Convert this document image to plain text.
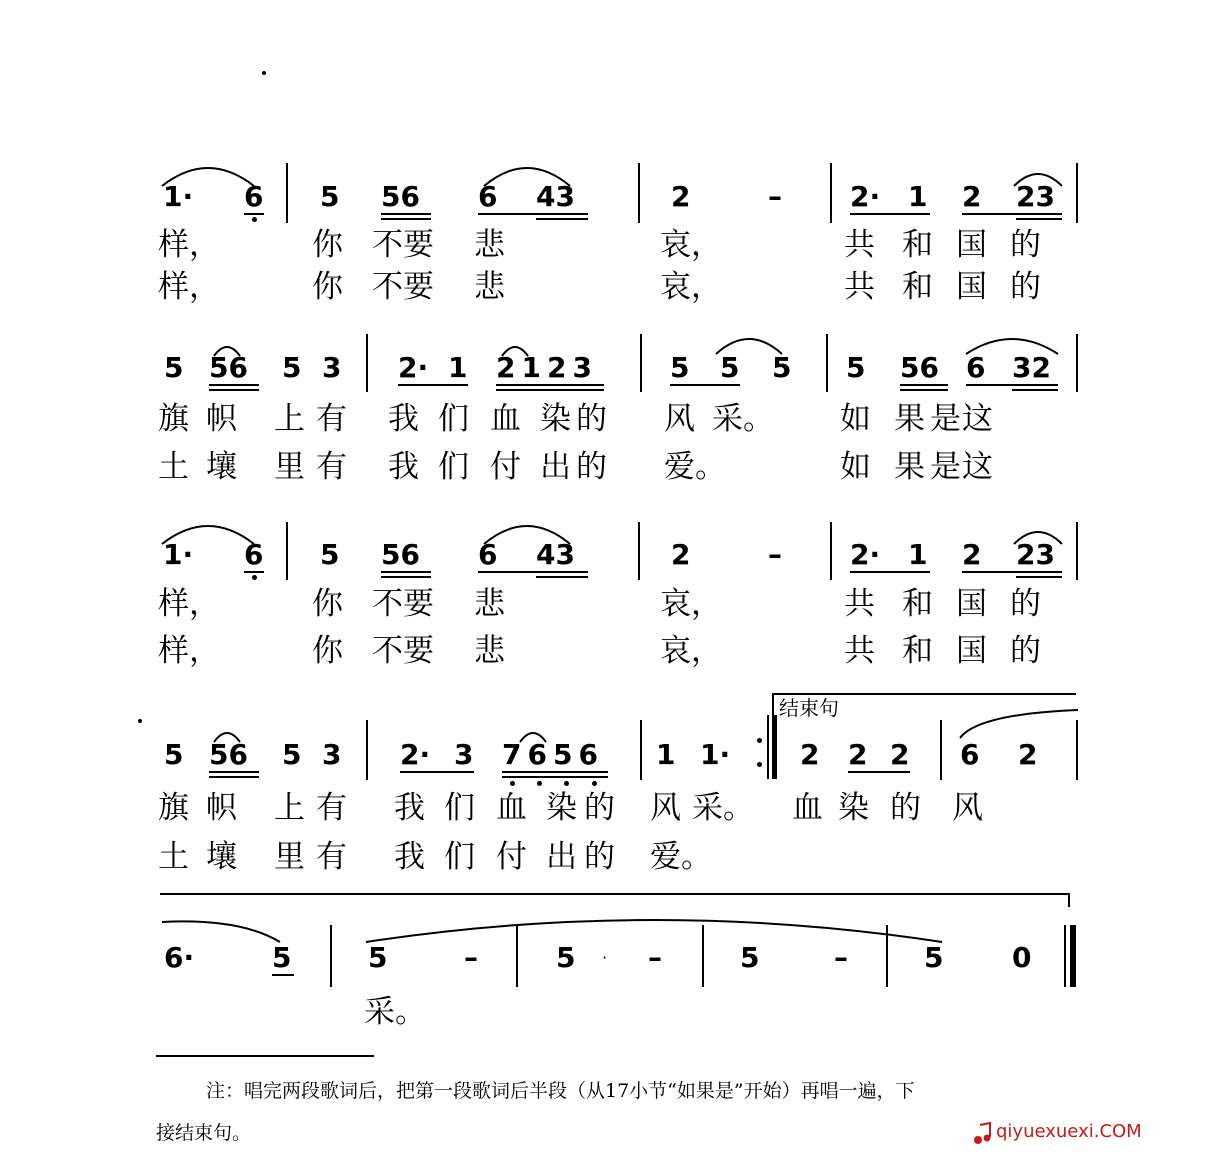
1· 6 5 56 6 43	2	– 2· 1 2 23
样，	你 不要 悲	哀，	共 和 国 的
样，	你 不要 悲	哀，	共 和 国 的
5 56 5 3 2· 1 2123	5 5 5 5 56 6 32
旗 帜 上 有 我 们 血 染 的 风 采。 如 果 是 这
土 壤 里 有 我 们 付 出 的 爱。	如 果 是 这
1· 6 5 56 6 43	2	– 2· 1 2 23
样，	你 不要 悲	哀，	共 和 国 的
样，	你 不要 悲	哀，	共 和 国 的
结束句
5 56 5 3 2· 3 7656 1 1· 2 2 2 6 2
旗 帜 上 有 我 们 血 染 的 风 采。 血 染 的 风
土 壤 里 有 我 们 付 出 的 爱。
6·	5	5	–	5 · –	5	–	5 0
采。
注：唱完两段歌词后，把第一段歌词后半段（从17小节“如果是”开始）再唱一遍，下
接结束句。	qiyuexuexi.COM
